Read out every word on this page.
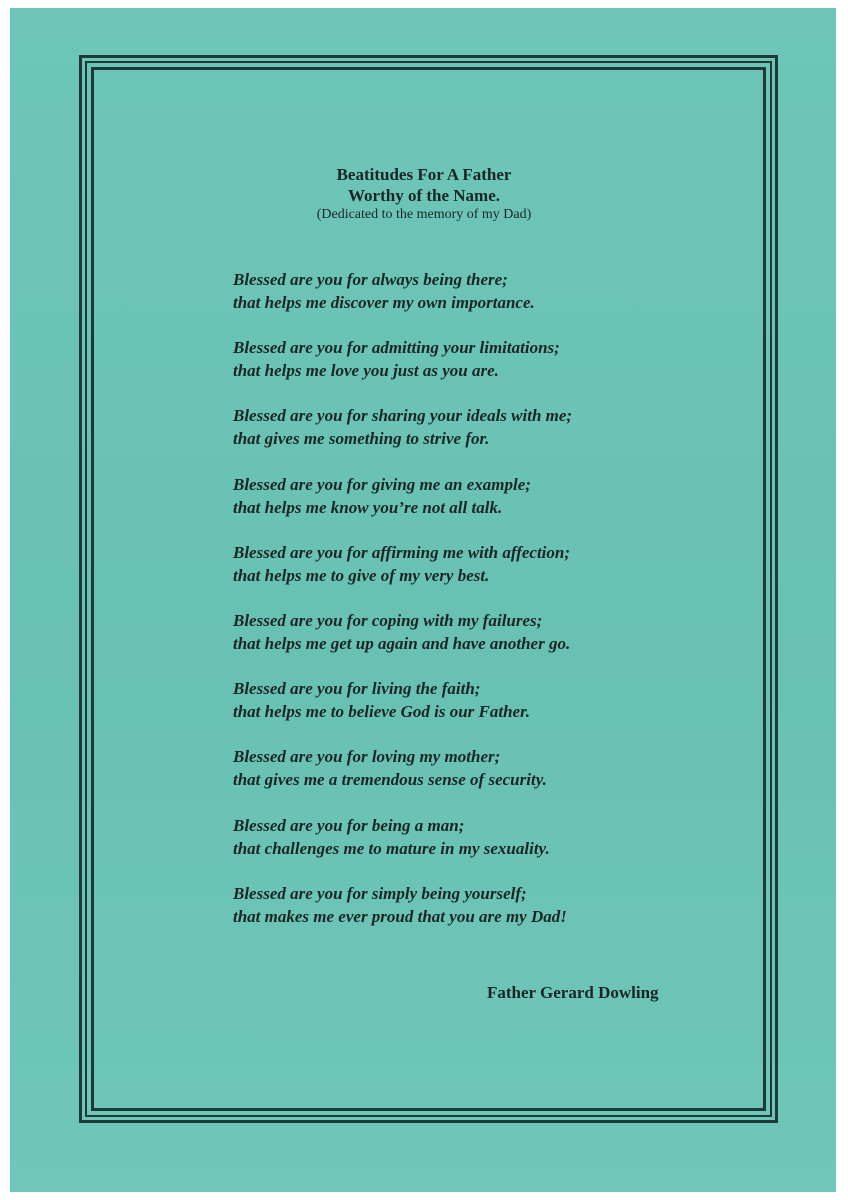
Beatitudes For A Father
Worthy of the Name.
(Dedicated to the memory of my Dad)
Blessed are you for always being there;
that helps me discover my own importance.
Blessed are you for admitting your limitations;
that helps me love you just as you are.
Blessed are you for sharing your ideals with me;
that gives me something to strive for.
Blessed are you for giving me an example;
that helps me know you’re not all talk.
Blessed are you for affirming me with affection;
that helps me to give of my very best.
Blessed are you for coping with my failures;
that helps me get up again and have another go.
Blessed are you for living the faith;
that helps me to believe God is our Father.
Blessed are you for loving my mother;
that gives me a tremendous sense of security.
Blessed are you for being a man;
that challenges me to mature in my sexuality.
Blessed are you for simply being yourself;
that makes me ever proud that you are my Dad!
Father Gerard Dowling
